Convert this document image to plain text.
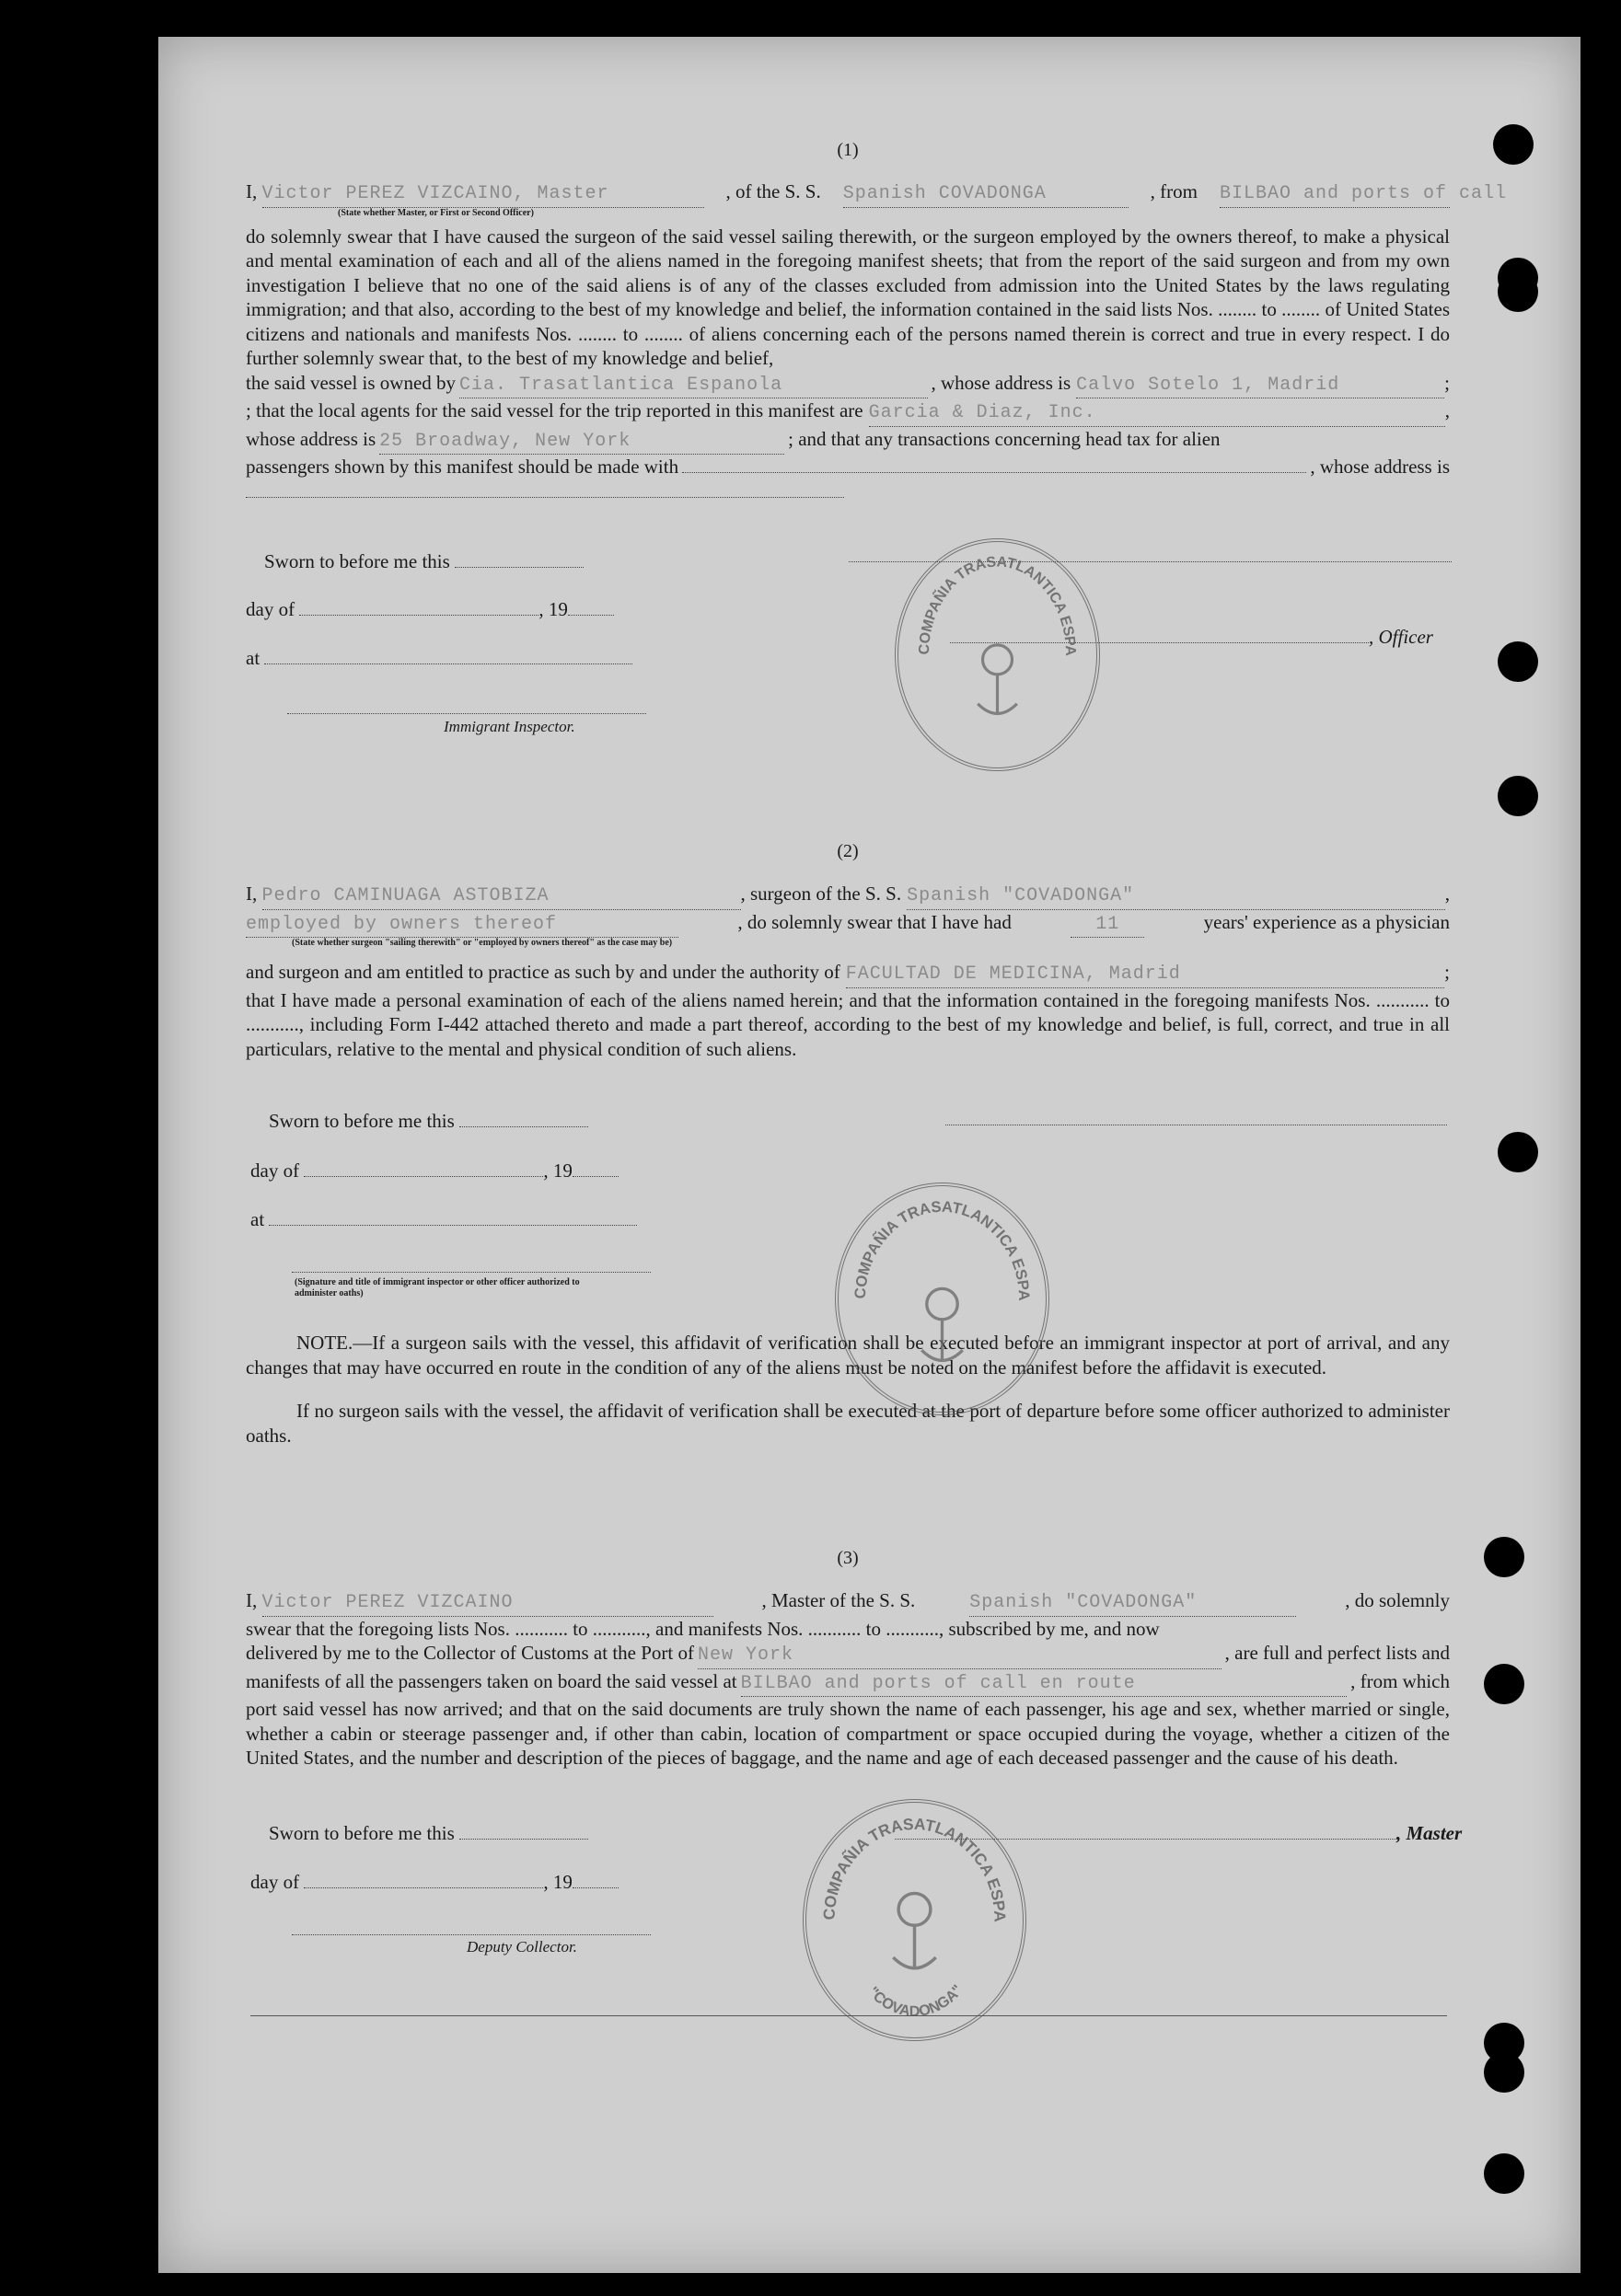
(1)
I, Victor PEREZ VIZCAINO, Master	, of the S. S. Spanish COVADONGA	, from BILBAO and ports of call
(State whether Master, or First or Second Officer)

do solemnly swear that I have caused the surgeon of the said vessel sailing therewith, or the surgeon employed by the owners thereof, to make a physical and mental examination of each and all of the aliens named in the foregoing manifest sheets; that from the report of the said surgeon and from my own investigation I believe that no one of the said aliens is of any of the classes excluded from admission into the United States by the laws regulating immigration; and that also, according to the best of my knowledge and belief, the information contained in the said lists Nos. ........ to ........ of United States citizens and nationals and manifests Nos. ........ to ........ of aliens concerning each of the persons named therein is correct and true in every respect. I do further solemnly swear that, to the best of my knowledge and belief,

the said vessel is owned by Cia. Trasatlantica Espanola	, whose address is Calvo Sotelo 1, Madrid	;
; that the local agents for the said vessel for the trip reported in this manifest are Garcia & Diaz, Inc.	,
whose address is 25 Broadway, New York	; and that any transactions concerning head tax for alien
passengers shown by this manifest should be made with	, whose address is
Sworn to before me this
day of	, 19
at
Immigrant Inspector.
, Officer
COMPAÑIA TRASATLANTICA ESPA
(2)
I, Pedro CAMINUAGA ASTOBIZA	, surgeon of the S. S. Spanish "COVADONGA"	,
employed by owners thereof	, do solemnly swear that I have had	11	years' experience as a physician
(State whether surgeon "sailing therewith" or "employed by owners thereof" as the case may be)
and surgeon and am entitled to practice as such by and under the authority of FACULTAD DE MEDICINA, Madrid	;

that I have made a personal examination of each of the aliens named herein; and that the information contained in the foregoing manifests Nos. ........... to ..........., including Form I-442 attached thereto and made a part thereof, according to the best of my knowledge and belief, is full, correct, and true in all particulars, relative to the mental and physical condition of such aliens.

Sworn to before me this
day of	, 19
at
(Signature and title of immigrant inspector or other officer authorized to administer oaths)

NOTE.—If a surgeon sails with the vessel, this affidavit of verification shall be executed before an immigrant inspector at port of arrival, and any changes that may have occurred en route in the condition of any of the aliens must be noted on the manifest before the affidavit is executed.

If no surgeon sails with the vessel, the affidavit of verification shall be executed at the port of departure before some officer authorized to administer oaths.

COMPAÑIA TRASATLANTICA ESPA
(3)
I, Victor PEREZ VIZCAINO	, Master of the S. S.	Spanish "COVADONGA"	, do solemnly

swear that the foregoing lists Nos. ........... to ..........., and manifests Nos. ........... to ..........., subscribed by me, and now

delivered by me to the Collector of Customs at the Port of New York	, are full and perfect lists and
manifests of all the passengers taken on board the said vessel at BILBAO and ports of call en route	, from which

port said vessel has now arrived; and that on the said documents are truly shown the name of each passenger, his age and sex, whether married or single, whether a cabin or steerage passenger and, if other than cabin, location of compartment or space occupied during the voyage, whether a citizen of the United States, and the number and description of the pieces of baggage, and the name and age of each deceased passenger and the cause of his death.

Sworn to before me this	, Master
day of	, 19
Deputy Collector.
COMPAÑIA TRASATLANTICA ESPA
"COVADONGA"
